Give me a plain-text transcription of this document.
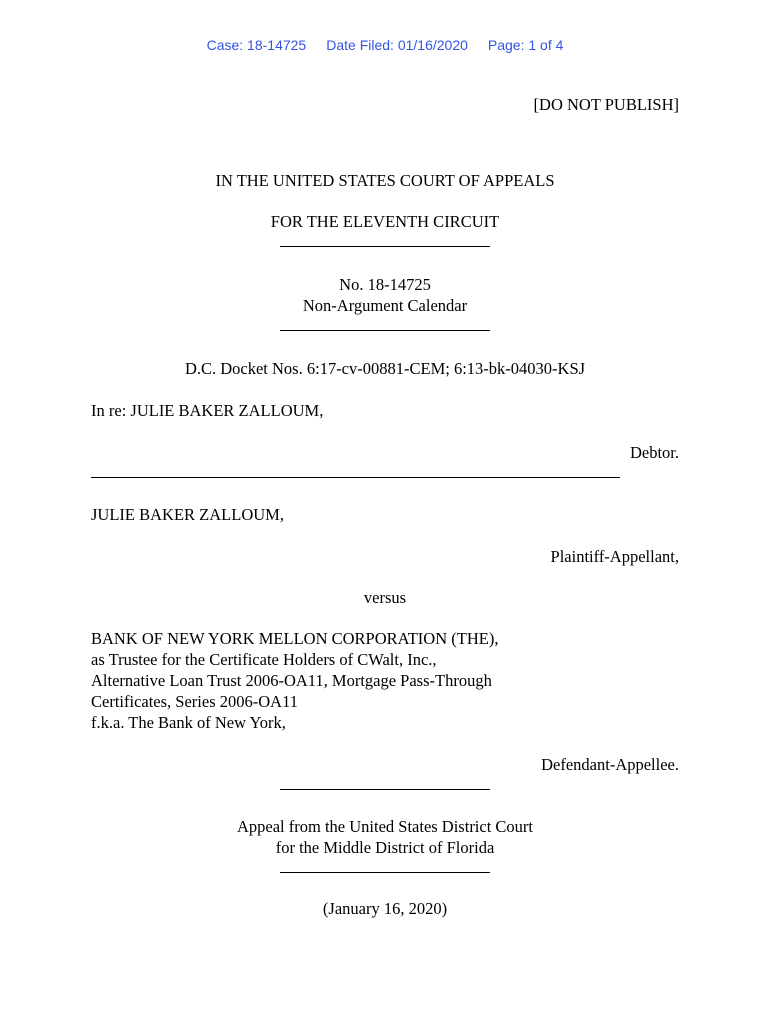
Case: 18-14725 Date Filed: 01/16/2020 Page: 1 of 4
[DO NOT PUBLISH]
IN THE UNITED STATES COURT OF APPEALS
FOR THE ELEVENTH CIRCUIT
No. 18-14725
Non-Argument Calendar
D.C. Docket Nos. 6:17-cv-00881-CEM; 6:13-bk-04030-KSJ
In re: JULIE BAKER ZALLOUM,
Debtor.
JULIE BAKER ZALLOUM,
Plaintiff-Appellant,
versus
BANK OF NEW YORK MELLON CORPORATION (THE),
as Trustee for the Certificate Holders of CWalt, Inc.,
Alternative Loan Trust 2006-OA11, Mortgage Pass-Through
Certificates, Series 2006-OA11
f.k.a. The Bank of New York,
Defendant-Appellee.
Appeal from the United States District Court
for the Middle District of Florida
(January 16, 2020)
